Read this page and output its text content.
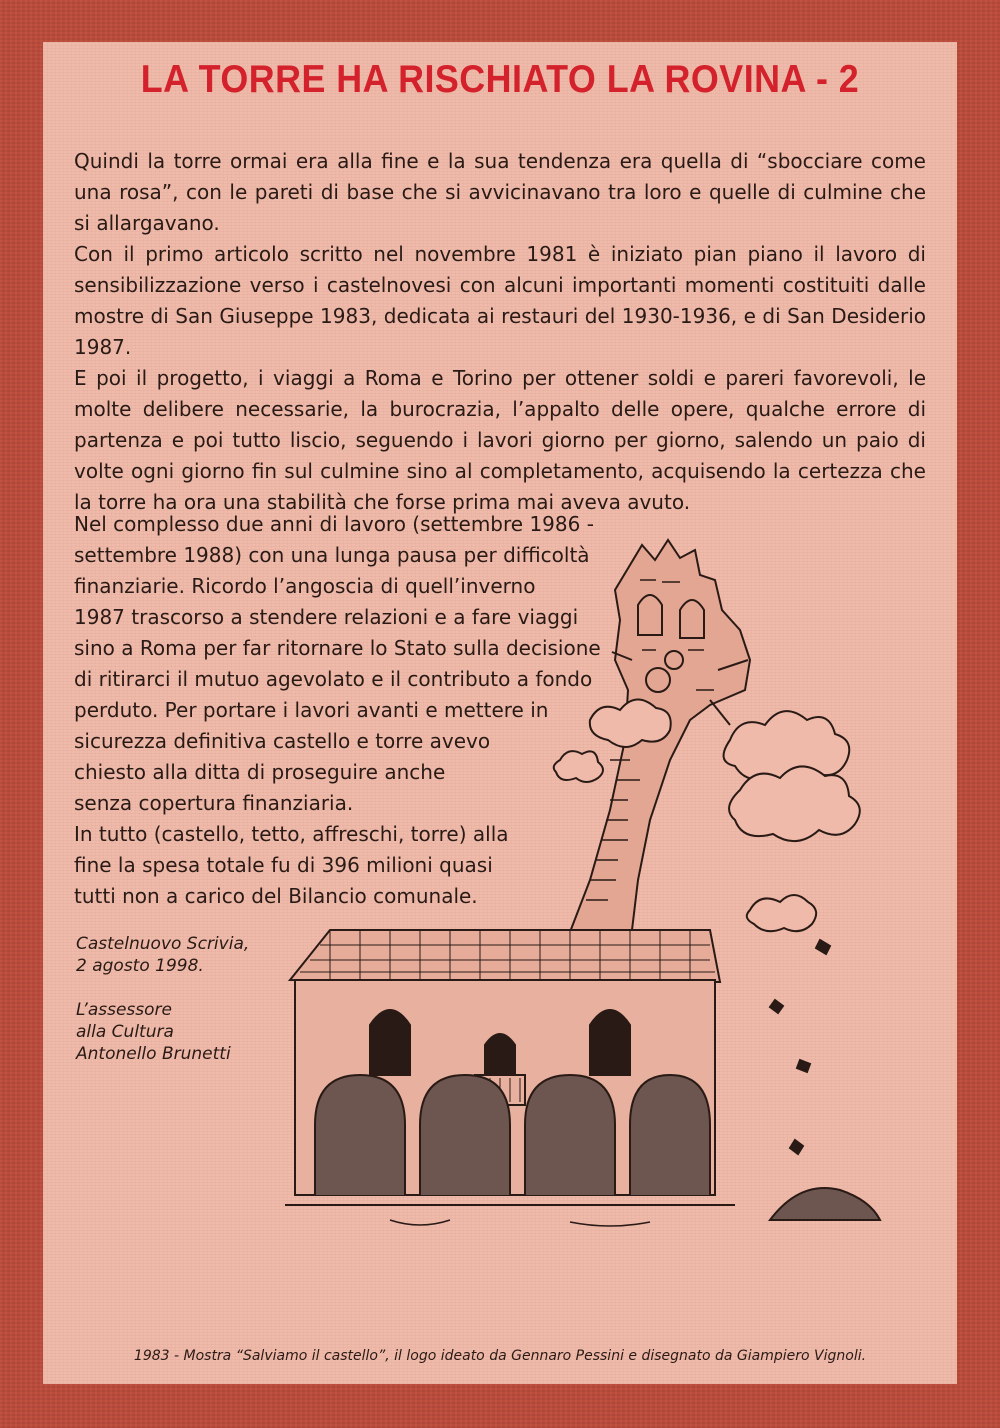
LA TORRE HA RISCHIATO LA ROVINA - 2

Quindi la torre ormai era alla fine e la sua tendenza era quella di “sbocciare come una rosa”, con le pareti di base che si avvicinavano tra loro e quelle di culmine che si allargavano.

Con il primo articolo scritto nel novembre 1981 è iniziato pian piano il lavoro di sensibilizzazione verso i castelnovesi con alcuni importanti momenti costituiti dalle mostre di San Giuseppe 1983, dedicata ai restauri del 1930-1936, e di San Desiderio 1987.

E poi il progetto, i viaggi a Roma e Torino per ottener soldi e pareri favorevoli, le molte delibere necessarie, la burocrazia, l’appalto delle opere, qualche errore di partenza e poi tutto liscio, seguendo i lavori giorno per giorno, salendo un paio di volte ogni giorno fin sul culmine sino al completamento, acquisendo la certezza che la torre ha ora una stabilità che forse prima mai aveva avuto.

Nel complesso due anni di lavoro (settembre 1986 -
settembre 1988) con una lunga pausa per difficoltà
finanziarie. Ricordo l’angoscia di quell’inverno
1987 trascorso a stendere relazioni e a fare viaggi
sino a Roma per far ritornare lo Stato sulla decisione
di ritirarci il mutuo agevolato e il contributo a fondo
perduto. Per portare i lavori avanti e mettere in
sicurezza definitiva castello e torre avevo
chiesto alla ditta di proseguire anche
senza copertura finanziaria.
In tutto (castello, tetto, affreschi, torre) alla
fine la spesa totale fu di 396 milioni quasi
tutti non a carico del Bilancio comunale.
Castelnuovo Scrivia,
2 agosto 1998.
L’assessore
alla Cultura
Antonello Brunetti
1983 - Mostra “Salviamo il castello”, il logo ideato da Gennaro Pessini e disegnato da Giampiero Vignoli.
